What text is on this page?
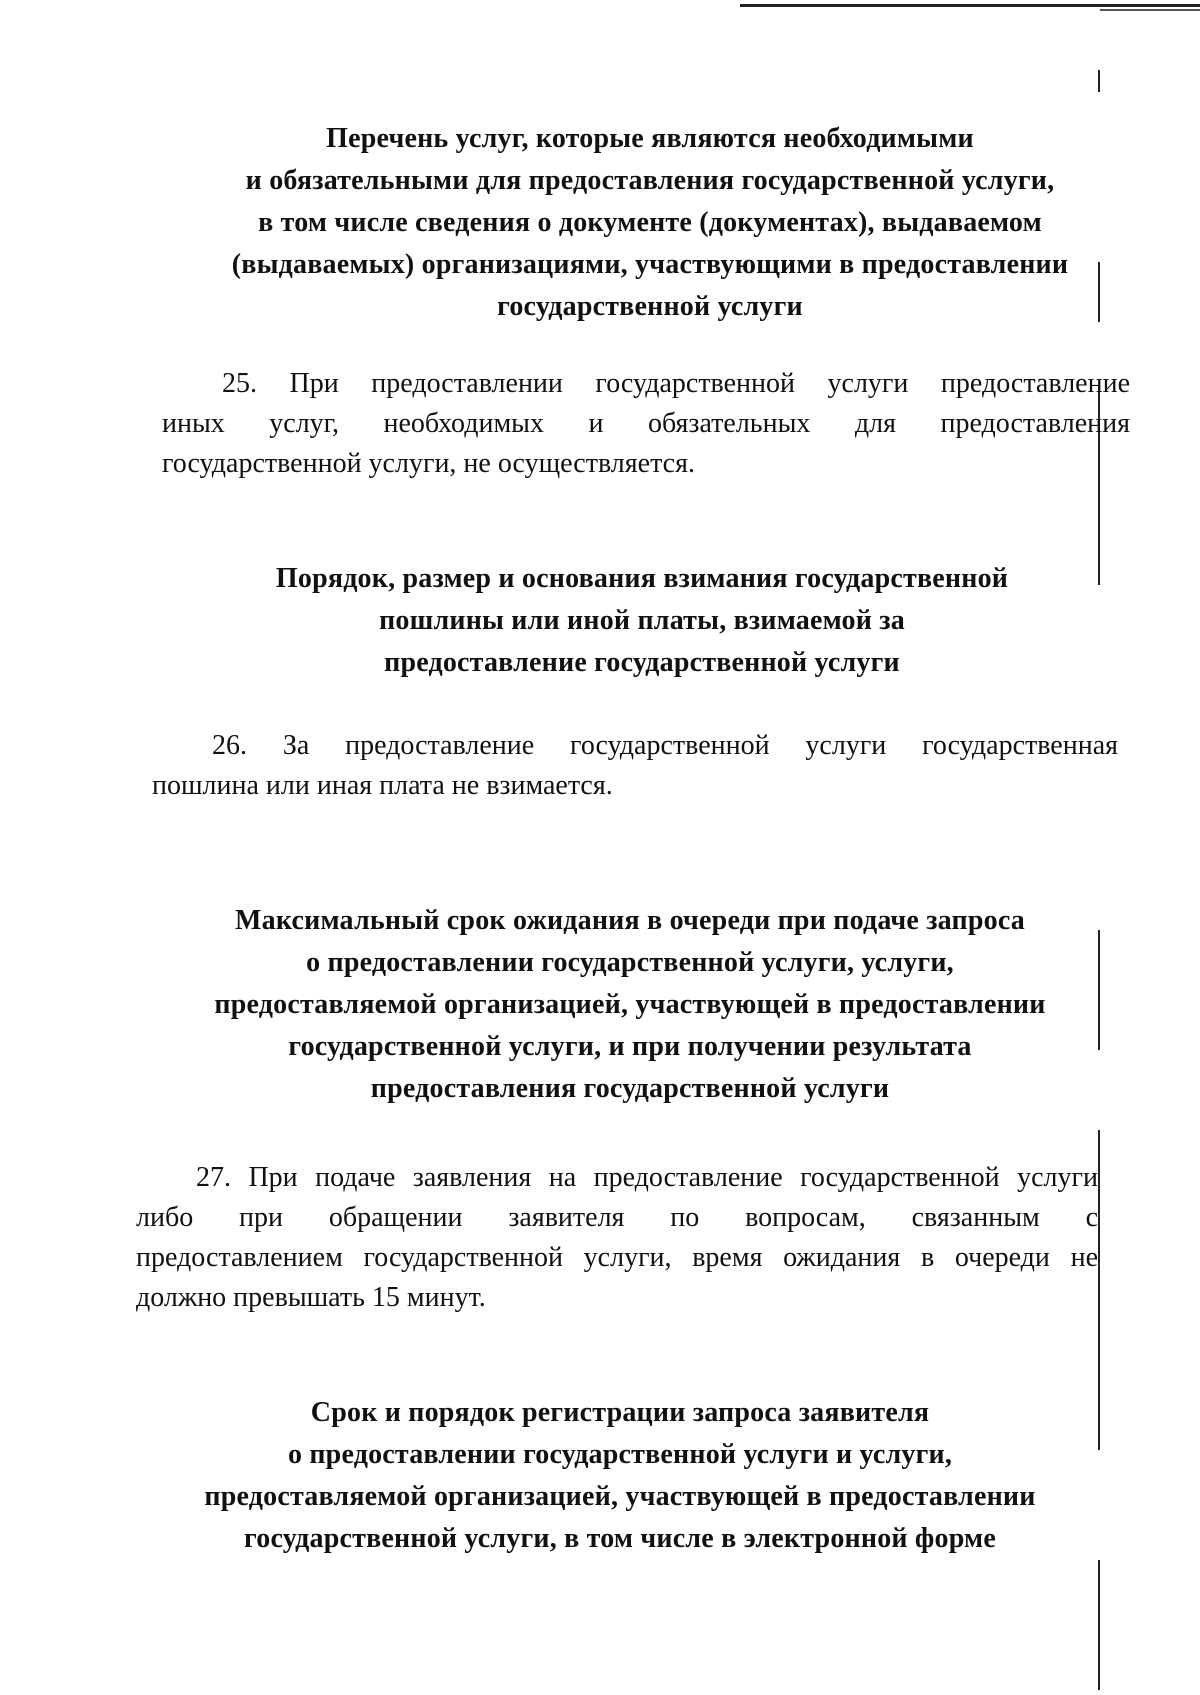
Перечень услуг, которые являются необходимыми
и обязательными для предоставления государственной услуги,
в том числе сведения о документе (документах), выдаваемом
(выдаваемых) организациями, участвующими в предоставлении
государственной услуги
25. При предоставлении государственной услуги предоставление
иных услуг, необходимых и обязательных для предоставления
государственной услуги, не осуществляется.
Порядок, размер и основания взимания государственной
пошлины или иной платы, взимаемой за
предоставление государственной услуги
26. За предоставление государственной услуги государственная
пошлина или иная плата не взимается.
Максимальный срок ожидания в очереди при подаче запроса
о предоставлении государственной услуги, услуги,
предоставляемой организацией, участвующей в предоставлении
государственной услуги, и при получении результата
предоставления государственной услуги
27. При подаче заявления на предоставление государственной услуги
либо при обращении заявителя по вопросам, связанным с
предоставлением государственной услуги, время ожидания в очереди не
должно превышать 15 минут.
Срок и порядок регистрации запроса заявителя
о предоставлении государственной услуги и услуги,
предоставляемой организацией, участвующей в предоставлении
государственной услуги, в том числе в электронной форме
